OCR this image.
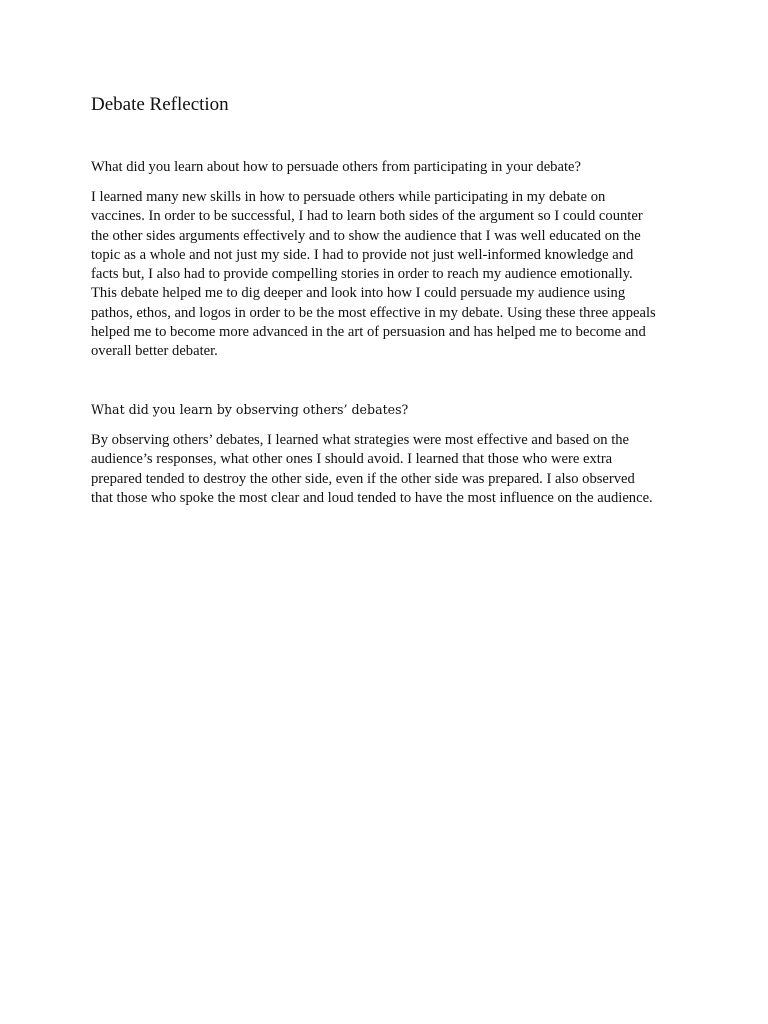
Debate Reflection

What did you learn about how to persuade others from participating in your debate?

I learned many new skills in how to persuade others while participating in my debate on
vaccines. In order to be successful, I had to learn both sides of the argument so I could counter
the other sides arguments effectively and to show the audience that I was well educated on the
topic as a whole and not just my side. I had to provide not just well-informed knowledge and
facts but, I also had to provide compelling stories in order to reach my audience emotionally.
This debate helped me to dig deeper and look into how I could persuade my audience using
pathos, ethos, and logos in order to be the most effective in my debate. Using these three appeals
helped me to become more advanced in the art of persuasion and has helped me to become and
overall better debater.

What did you learn by observing others’ debates?

By observing others’ debates, I learned what strategies were most effective and based on the
audience’s responses, what other ones I should avoid. I learned that those who were extra
prepared tended to destroy the other side, even if the other side was prepared. I also observed
that those who spoke the most clear and loud tended to have the most influence on the audience.
